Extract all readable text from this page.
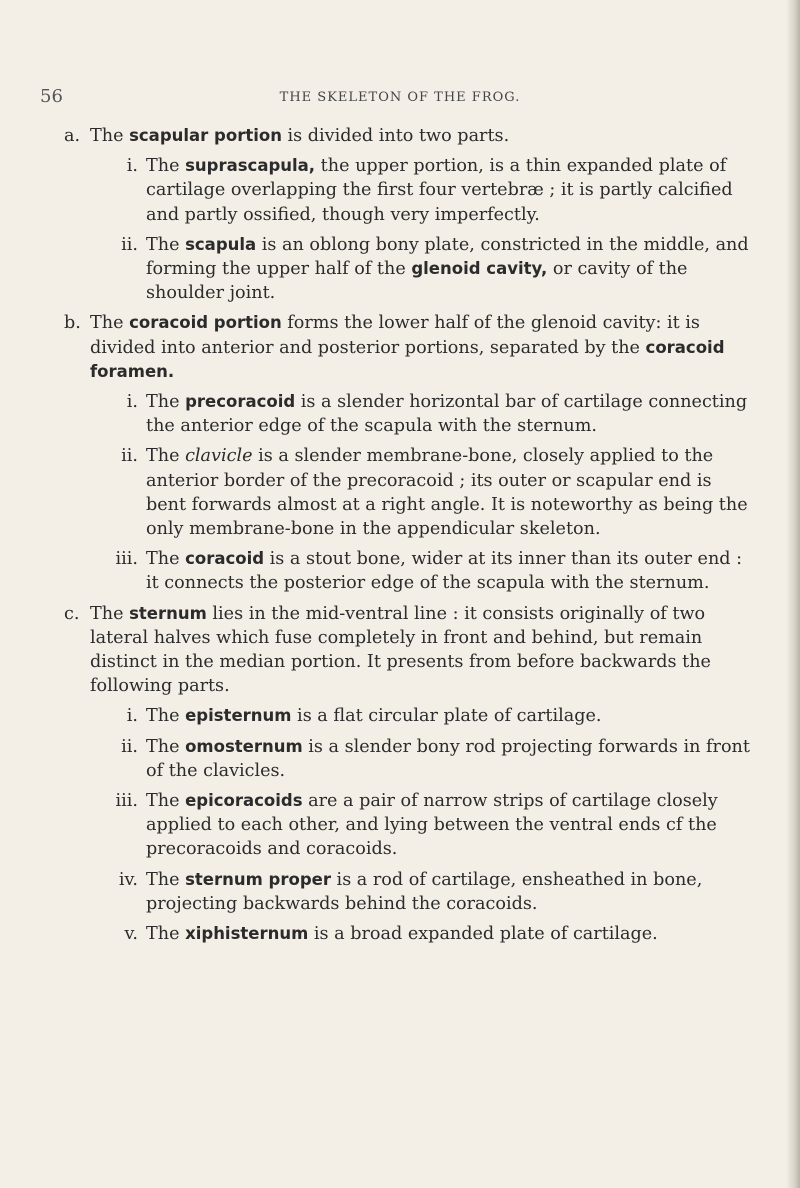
56	THE SKELETON OF THE FROG.
a. The scapular portion is divided into two parts.

i. The suprascapula, the upper portion, is a thin expanded plate of cartilage overlapping the first four vertebræ ; it is partly calcified and partly ossified, though very imperfectly.

ii. The scapula is an oblong bony plate, constricted in the middle, and forming the upper half of the glenoid cavity, or cavity of the shoulder joint.

b. The coracoid portion forms the lower half of the glenoid cavity: it is divided into anterior and posterior portions, separated by the coracoid foramen.

i. The precoracoid is a slender horizontal bar of cartilage connecting the anterior edge of the scapula with the sternum.

ii. The clavicle is a slender membrane-bone, closely applied to the anterior border of the precoracoid ; its outer or scapular end is bent forwards almost at a right angle. It is noteworthy as being the only membrane-bone in the appendicular skeleton.

iii. The coracoid is a stout bone, wider at its inner than its outer end : it connects the posterior edge of the scapula with the sternum.

c. The sternum lies in the mid-ventral line : it consists originally of two lateral halves which fuse completely in front and behind, but remain distinct in the median portion. It presents from before backwards the following parts.

i. The episternum is a flat circular plate of cartilage.

ii. The omosternum is a slender bony rod projecting forwards in front of the clavicles.

iii. The epicoracoids are a pair of narrow strips of cartilage closely applied to each other, and lying between the ventral ends cf the precoracoids and coracoids.

iv. The sternum proper is a rod of cartilage, ensheathed in bone, projecting backwards behind the coracoids.

v. The xiphisternum is a broad expanded plate of cartilage.
